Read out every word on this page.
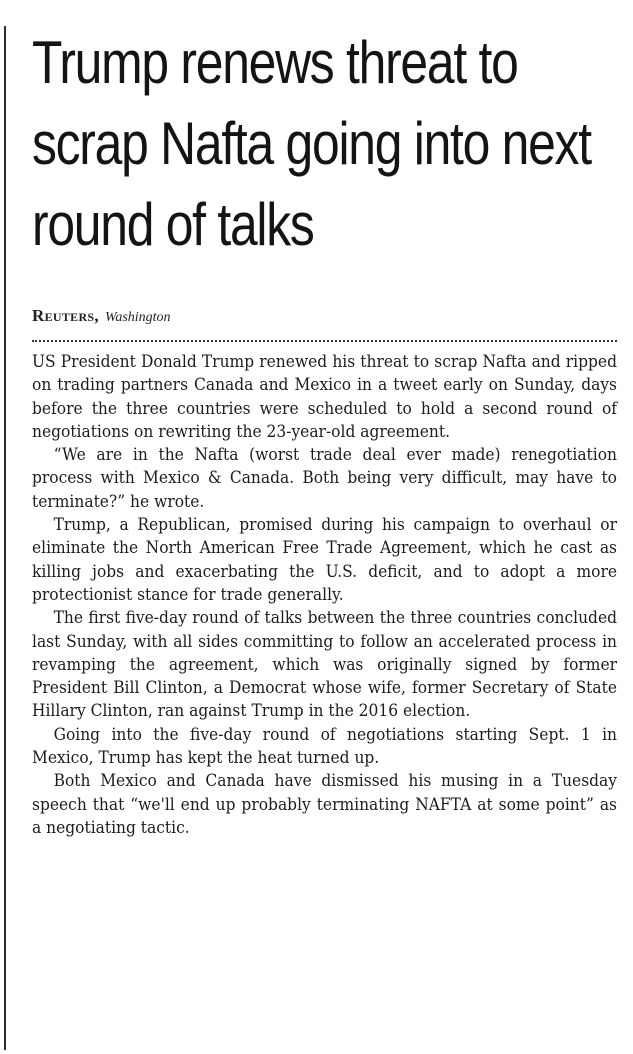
Trump renews threat to scrap Nafta going into next round of talks
Reuters, Washington

US President Donald Trump renewed his threat to scrap Nafta and ripped on trading partners Canada and Mexico in a tweet early on Sunday, days before the three countries were scheduled to hold a second round of negotiations on rewriting the 23-year-old agreement.

“We are in the Nafta (worst trade deal ever made) renegotiation process with Mexico & Canada. Both being very difficult, may have to terminate?” he wrote.

Trump, a Republican, promised during his campaign to overhaul or eliminate the North American Free Trade Agreement, which he cast as killing jobs and exacerbating the U.S. deficit, and to adopt a more protectionist stance for trade generally.

The first five-day round of talks between the three countries concluded last Sunday, with all sides committing to follow an accelerated process in revamping the agreement, which was originally signed by former President Bill Clinton, a Democrat whose wife, former Secretary of State Hillary Clinton, ran against Trump in the 2016 election.

Going into the five-day round of negotiations starting Sept. 1 in Mexico, Trump has kept the heat turned up.

Both Mexico and Canada have dismissed his musing in a Tuesday speech that “we'll end up probably terminating NAFTA at some point” as a negotiating tactic.
